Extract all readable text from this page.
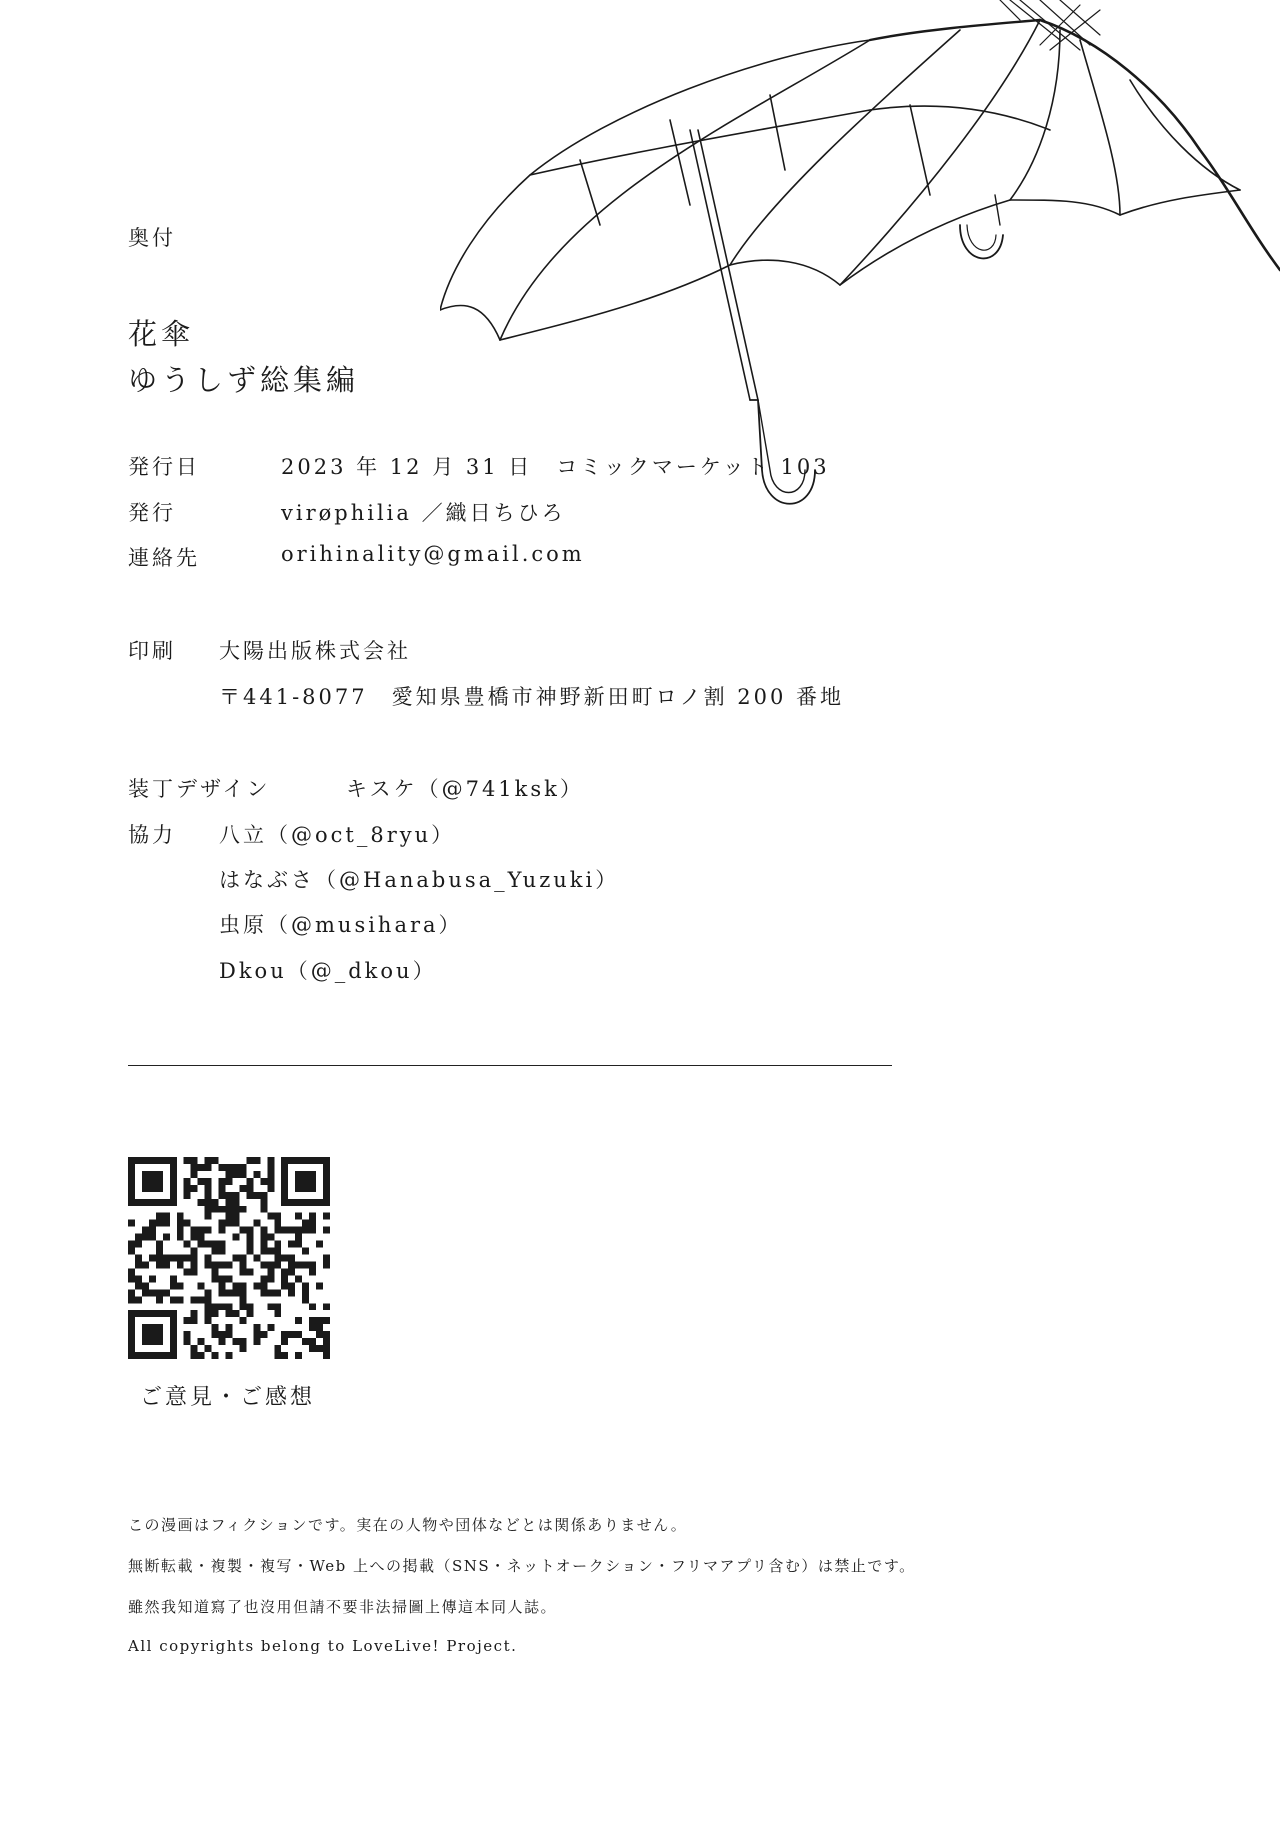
奥付
花傘
ゆうしず総集編
発行日	2023 年 12 月 31 日　コミックマーケット 103
発行	virøphilia ／織日ちひろ
連絡先	orihinality@gmail.com
印刷 大陽出版株式会社
〒441-8077　愛知県豊橋市神野新田町ロノ割 200 番地
装丁デザイン	キスケ（@741ksk）
協力 八立（@oct_8ryu）
はなぶさ（@Hanabusa_Yuzuki）
虫原（@musihara）
Dkou（@_dkou）
ご意見・ご感想
この漫画はフィクションです。実在の人物や団体などとは関係ありません。
無断転載・複製・複写・Web 上への掲載（SNS・ネットオークション・フリマアプリ含む）は禁止です。
雖然我知道寫了也沒用但請不要非法掃圖上傳這本同人誌。
All copyrights belong to LoveLive! Project.
